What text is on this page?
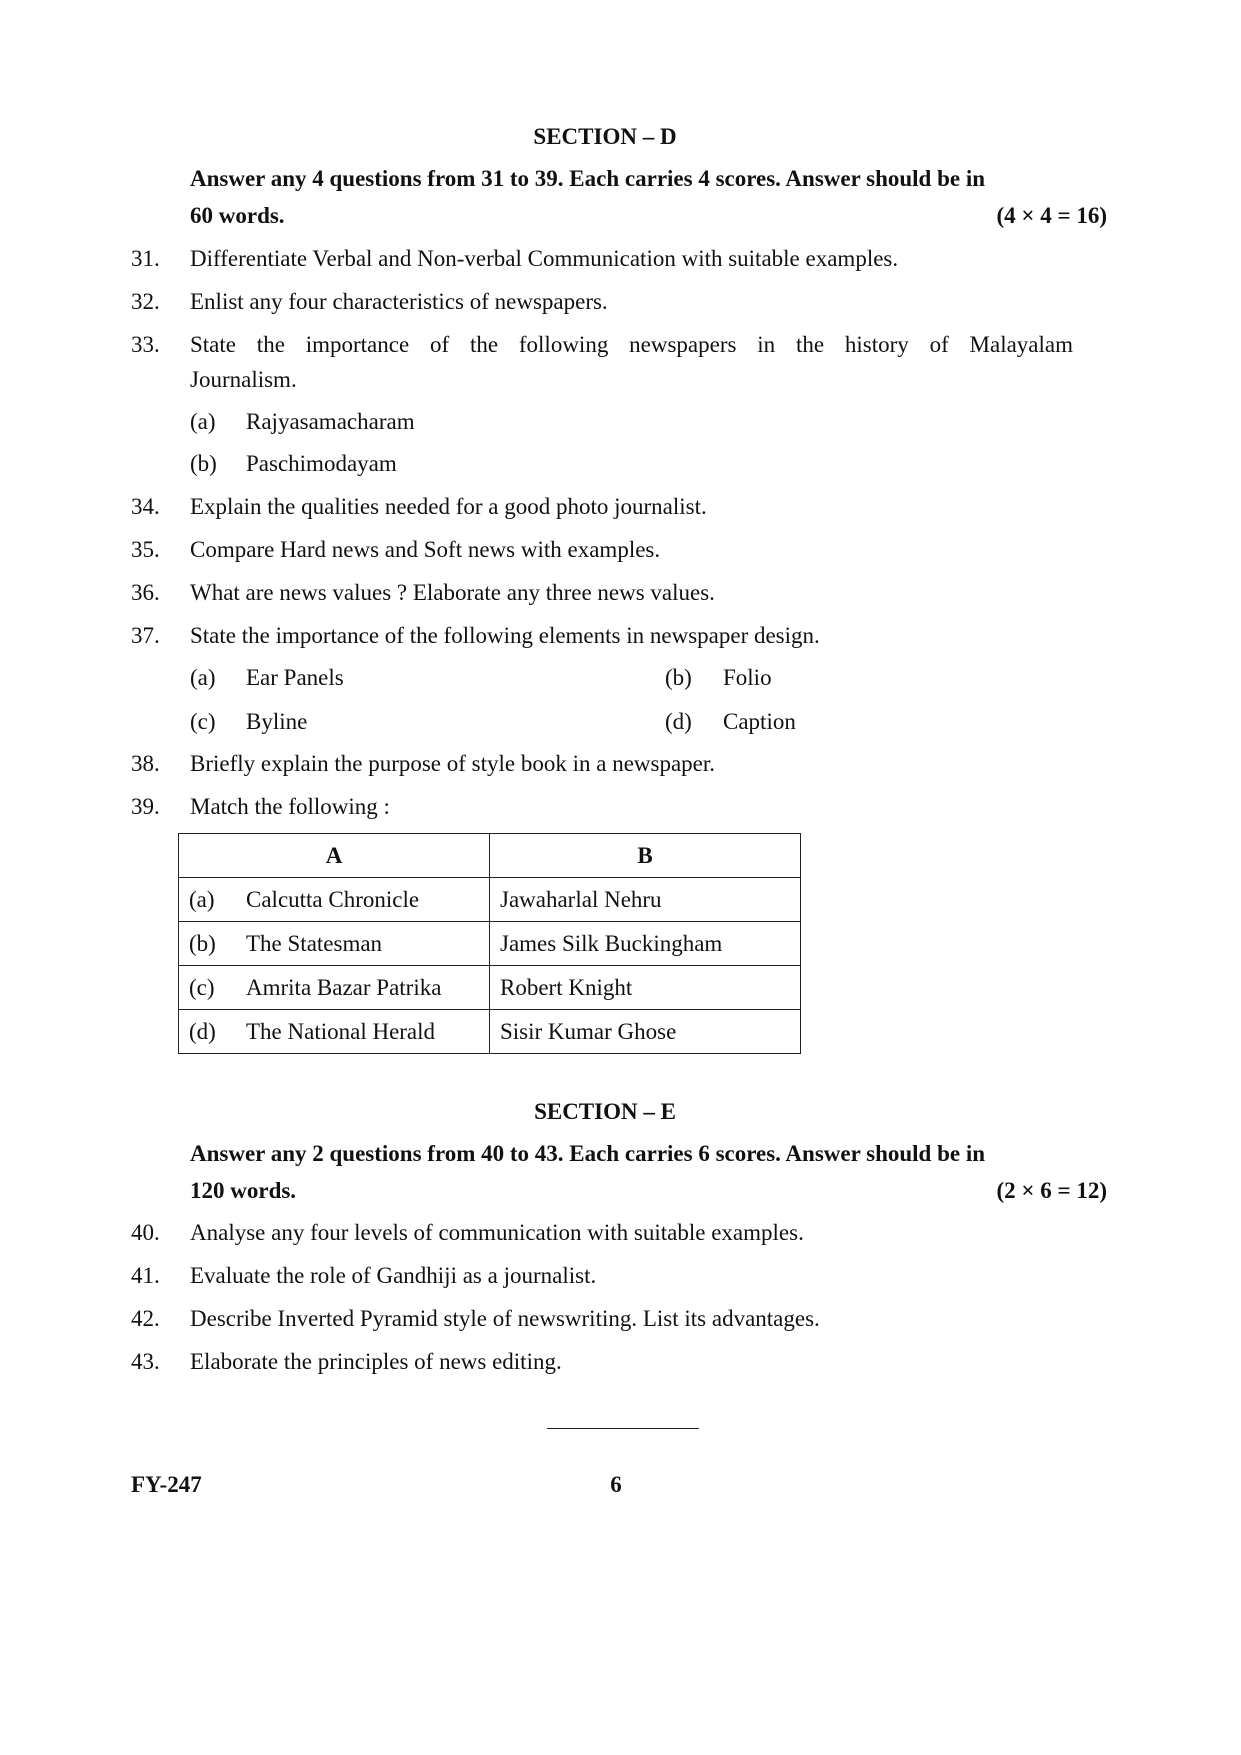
SECTION – D
Answer any 4 questions from 31 to 39. Each carries 4 scores. Answer should be in
60 words.	(4 × 4 = 16)
31. Differentiate Verbal and Non-verbal Communication with suitable examples.
32. Enlist any four characteristics of newspapers.
33. State the importance of the following newspapers in the history of Malayalam
Journalism.
(a) Rajyasamacharam
(b) Paschimodayam
34. Explain the qualities needed for a good photo journalist.
35. Compare Hard news and Soft news with examples.
36. What are news values ? Elaborate any three news values.
37. State the importance of the following elements in newspaper design.
(a) Ear Panels	(b) Folio
(c) Byline	(d) Caption
38. Briefly explain the purpose of style book in a newspaper.
39. Match the following :
A	B
(a) Calcutta Chronicle	Jawaharlal Nehru
(b) The Statesman	James Silk Buckingham
(c) Amrita Bazar Patrika	Robert Knight
(d) The National Herald	Sisir Kumar Ghose
SECTION – E
Answer any 2 questions from 40 to 43. Each carries 6 scores. Answer should be in
120 words.	(2 × 6 = 12)
40. Analyse any four levels of communication with suitable examples.
41. Evaluate the role of Gandhiji as a journalist.
42. Describe Inverted Pyramid style of newswriting. List its advantages.
43. Elaborate the principles of news editing.
FY-247	6
